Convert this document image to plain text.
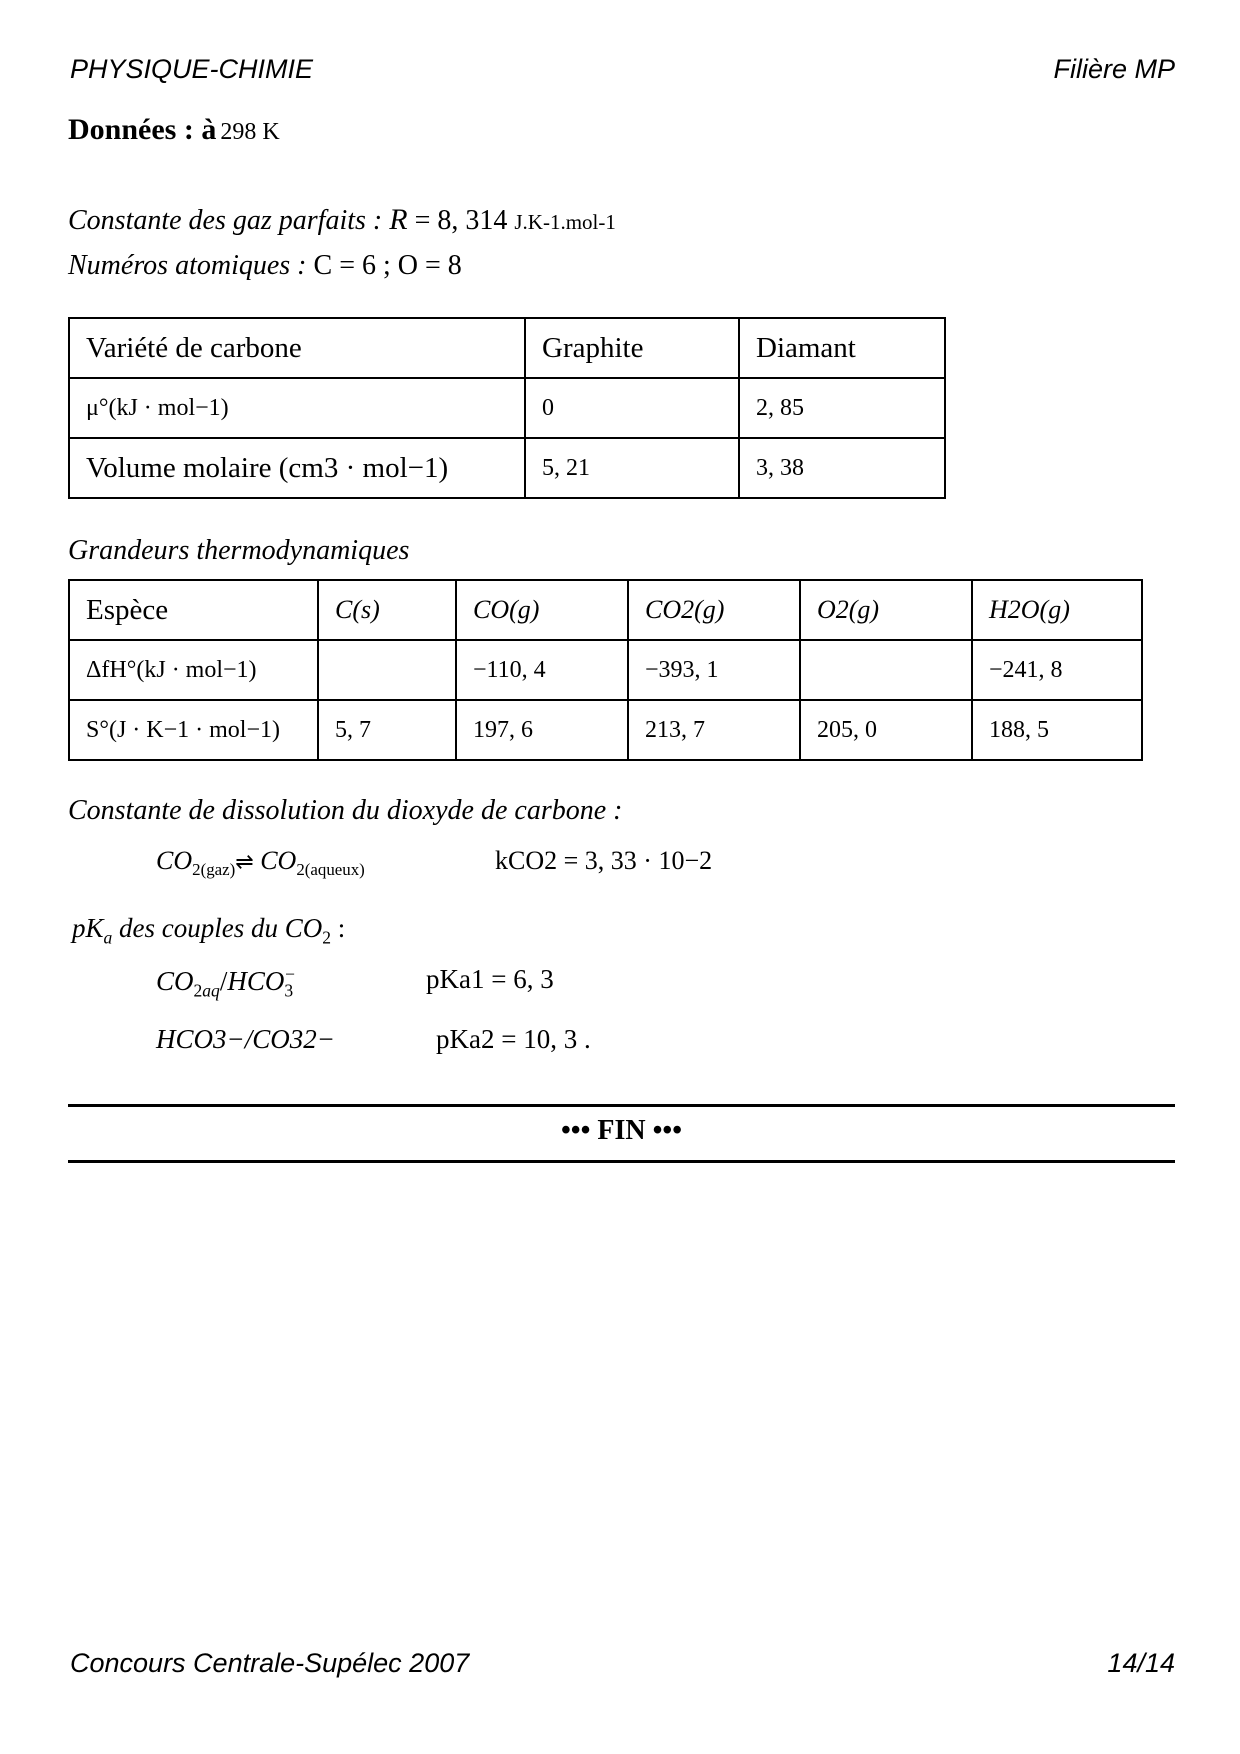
PHYSIQUE-CHIMIE	Filière MP
Données : à 298 K
Constante des gaz parfaits : R = 8, 314 J.K-1.mol-1
Numéros atomiques : C = 6 ; O = 8
Variété de carbone	Graphite	Diamant
μ°(kJ · mol−1)	0	2, 85
Volume molaire (cm3 · mol−1)	5, 21	3, 38
Grandeurs thermodynamiques
Espèce	C(s)	CO(g)	CO2(g)	O2(g)	H2O(g)
ΔfH°(kJ · mol−1)		−110, 4	−393, 1		−241, 8
S°(J · K−1 · mol−1)	5, 7	197, 6	213, 7	205, 0	188, 5
Constante de dissolution du dioxyde de carbone :
$CO_{2(gaz)}\rightleftharpoons$ $CO_{2(aqueux)}$	kCO2 = 3, 33 · 10−2
$pK_a$ des couples du $CO_2$ :
$CO_{2aq}/HCO_3^-$	pKa1 = 6, 3
HCO3−/CO32−	pKa2 = 10, 3 .
••• FIN •••
Concours Centrale-Supélec 2007	14/14
